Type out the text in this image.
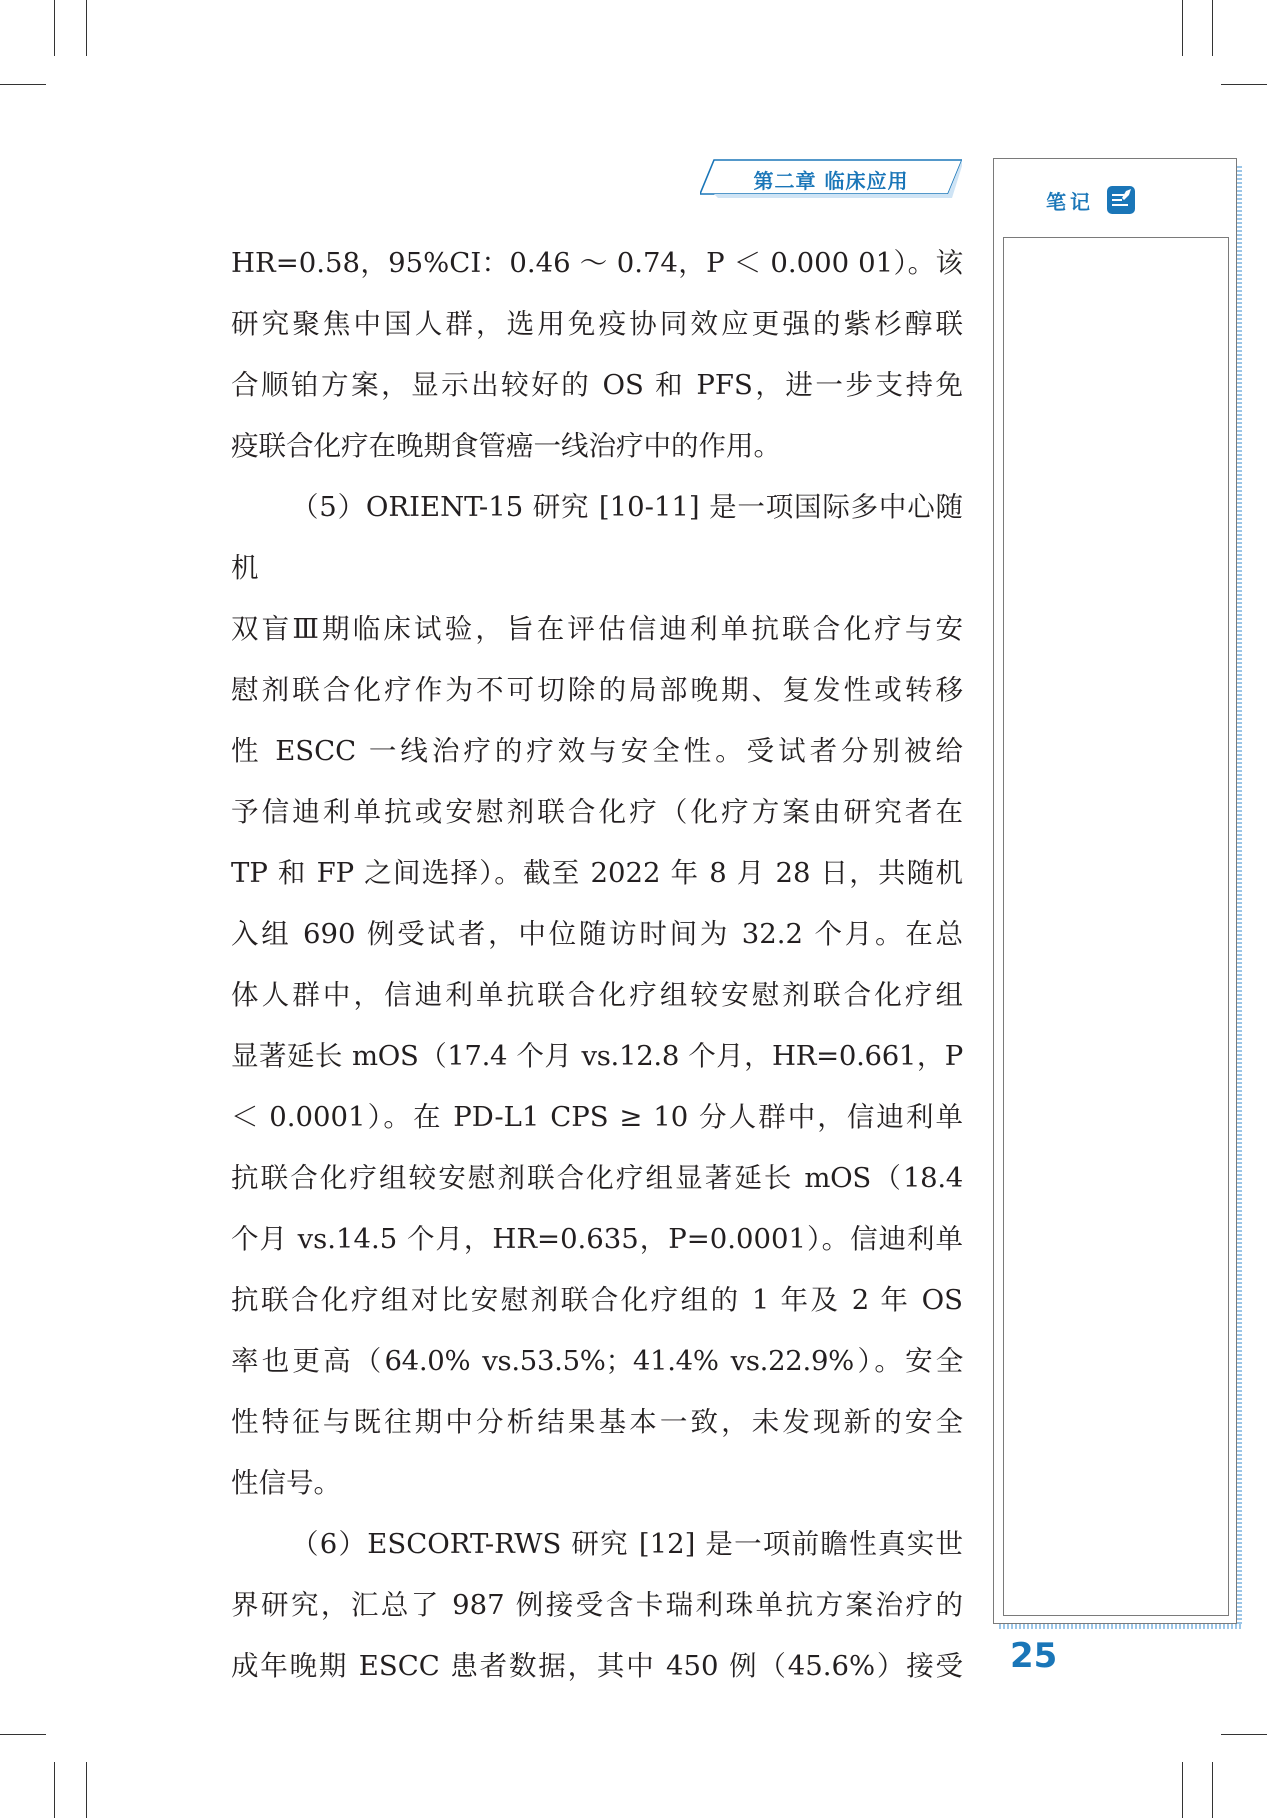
第二章 临床应用
笔记

HR=0.58，95%CI：0.46 ～ 0.74，P ＜ 0.000 01）。该

研究聚焦中国人群，选用免疫协同效应更强的紫杉醇联

合顺铂方案，显示出较好的 OS 和 PFS，进一步支持免

疫联合化疗在晚期食管癌一线治疗中的作用。

（5）ORIENT-15 研究 [10-11] 是一项国际多中心随机

双盲Ⅲ期临床试验，旨在评估信迪利单抗联合化疗与安

慰剂联合化疗作为不可切除的局部晚期、复发性或转移

性 ESCC 一线治疗的疗效与安全性。受试者分别被给

予信迪利单抗或安慰剂联合化疗（化疗方案由研究者在

TP 和 FP 之间选择）。截至 2022 年 8 月 28 日，共随机

入组 690 例受试者，中位随访时间为 32.2 个月。在总

体人群中，信迪利单抗联合化疗组较安慰剂联合化疗组

显著延长 mOS（17.4 个月 vs.12.8 个月，HR=0.661，P

＜ 0.0001）。在 PD-L1 CPS ≥ 10 分人群中，信迪利单

抗联合化疗组较安慰剂联合化疗组显著延长 mOS（18.4

个月 vs.14.5 个月，HR=0.635，P=0.0001）。信迪利单

抗联合化疗组对比安慰剂联合化疗组的 1 年及 2 年 OS

率也更高（64.0% vs.53.5%；41.4% vs.22.9%）。安全

性特征与既往期中分析结果基本一致，未发现新的安全

性信号。

（6）ESCORT-RWS 研究 [12] 是一项前瞻性真实世

界研究，汇总了 987 例接受含卡瑞利珠单抗方案治疗的

成年晚期 ESCC 患者数据，其中 450 例（45.6%）接受 25
